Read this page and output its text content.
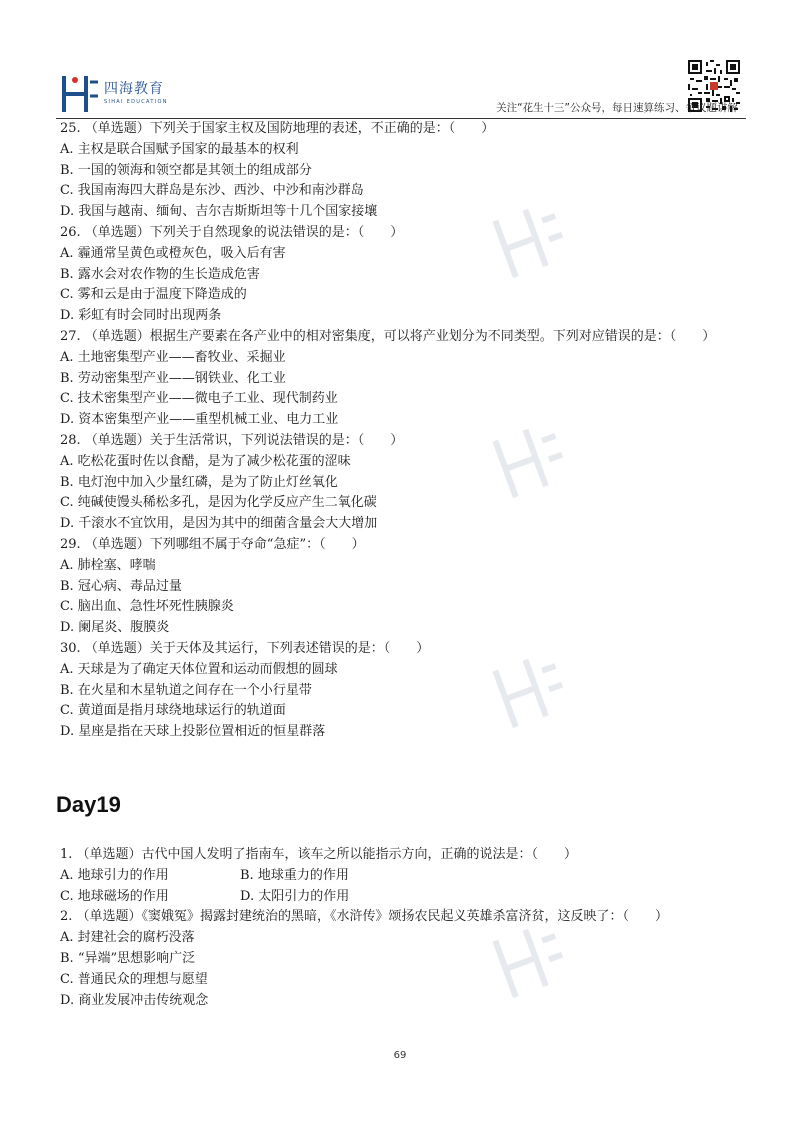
四海教育
SIHAI EDUCATION	关注“花生十三”公众号，每日速算练习、争议题讲解
25. （单选题）下列关于国家主权及国防地理的表述，不正确的是：（　　）
A. 主权是联合国赋予国家的最基本的权利
B. 一国的领海和领空都是其领土的组成部分
C. 我国南海四大群岛是东沙、西沙、中沙和南沙群岛
D. 我国与越南、缅甸、吉尔吉斯斯坦等十几个国家接壤
26. （单选题）下列关于自然现象的说法错误的是：（　　）
A. 霾通常呈黄色或橙灰色，吸入后有害
B. 露水会对农作物的生长造成危害
C. 雾和云是由于温度下降造成的
D. 彩虹有时会同时出现两条
27. （单选题）根据生产要素在各产业中的相对密集度，可以将产业划分为不同类型。下列对应错误的是：（　　）
A. 土地密集型产业——畜牧业、采掘业
B. 劳动密集型产业——钢铁业、化工业
C. 技术密集型产业——微电子工业、现代制药业
D. 资本密集型产业——重型机械工业、电力工业
28. （单选题）关于生活常识，下列说法错误的是：（　　）
A. 吃松花蛋时佐以食醋，是为了减少松花蛋的涩味
B. 电灯泡中加入少量红磷，是为了防止灯丝氧化
C. 纯碱使馒头稀松多孔，是因为化学反应产生二氧化碳
D. 千滚水不宜饮用，是因为其中的细菌含量会大大增加
29. （单选题）下列哪组不属于夺命“急症”：（　　）
A. 肺栓塞、哮喘
B. 冠心病、毒品过量
C. 脑出血、急性坏死性胰腺炎
D. 阑尾炎、腹膜炎
30. （单选题）关于天体及其运行，下列表述错误的是：（　　）
A. 天球是为了确定天体位置和运动而假想的圆球
B. 在火星和木星轨道之间存在一个小行星带
C. 黄道面是指月球绕地球运行的轨道面
D. 星座是指在天球上投影位置相近的恒星群落
Day19
1. （单选题）古代中国人发明了指南车，该车之所以能指示方向，正确的说法是：（　　）
A. 地球引力的作用	B. 地球重力的作用
C. 地球磁场的作用	D. 太阳引力的作用
2. （单选题）《窦娥冤》揭露封建统治的黑暗，《水浒传》颂扬农民起义英雄杀富济贫，这反映了：（　　）
A. 封建社会的腐朽没落
B. “异端”思想影响广泛
C. 普通民众的理想与愿望
D. 商业发展冲击传统观念
69
